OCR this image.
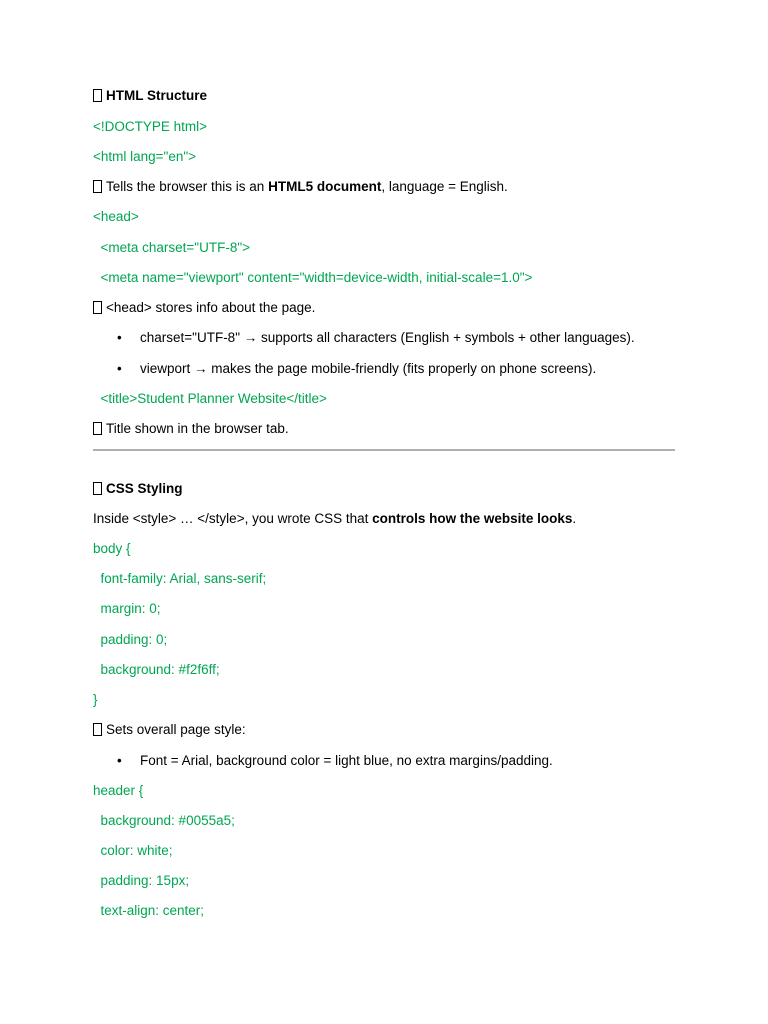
HTML Structure
<!DOCTYPE html>
<html lang="en">
Tells the browser this is an HTML5 document, language = English.
<head>
<meta charset="UTF-8">
<meta name="viewport" content="width=device-width, initial-scale=1.0">
<head> stores info about the page.
• charset="UTF-8" → supports all characters (English + symbols + other languages).
• viewport → makes the page mobile-friendly (fits properly on phone screens).
<title>Student Planner Website</title>
Title shown in the browser tab.
CSS Styling
Inside <style> … </style>, you wrote CSS that controls how the website looks.
body {
font-family: Arial, sans-serif;
margin: 0;
padding: 0;
background: #f2f6ff;
}
Sets overall page style:
• Font = Arial, background color = light blue, no extra margins/padding.
header {
background: #0055a5;
color: white;
padding: 15px;
text-align: center;
